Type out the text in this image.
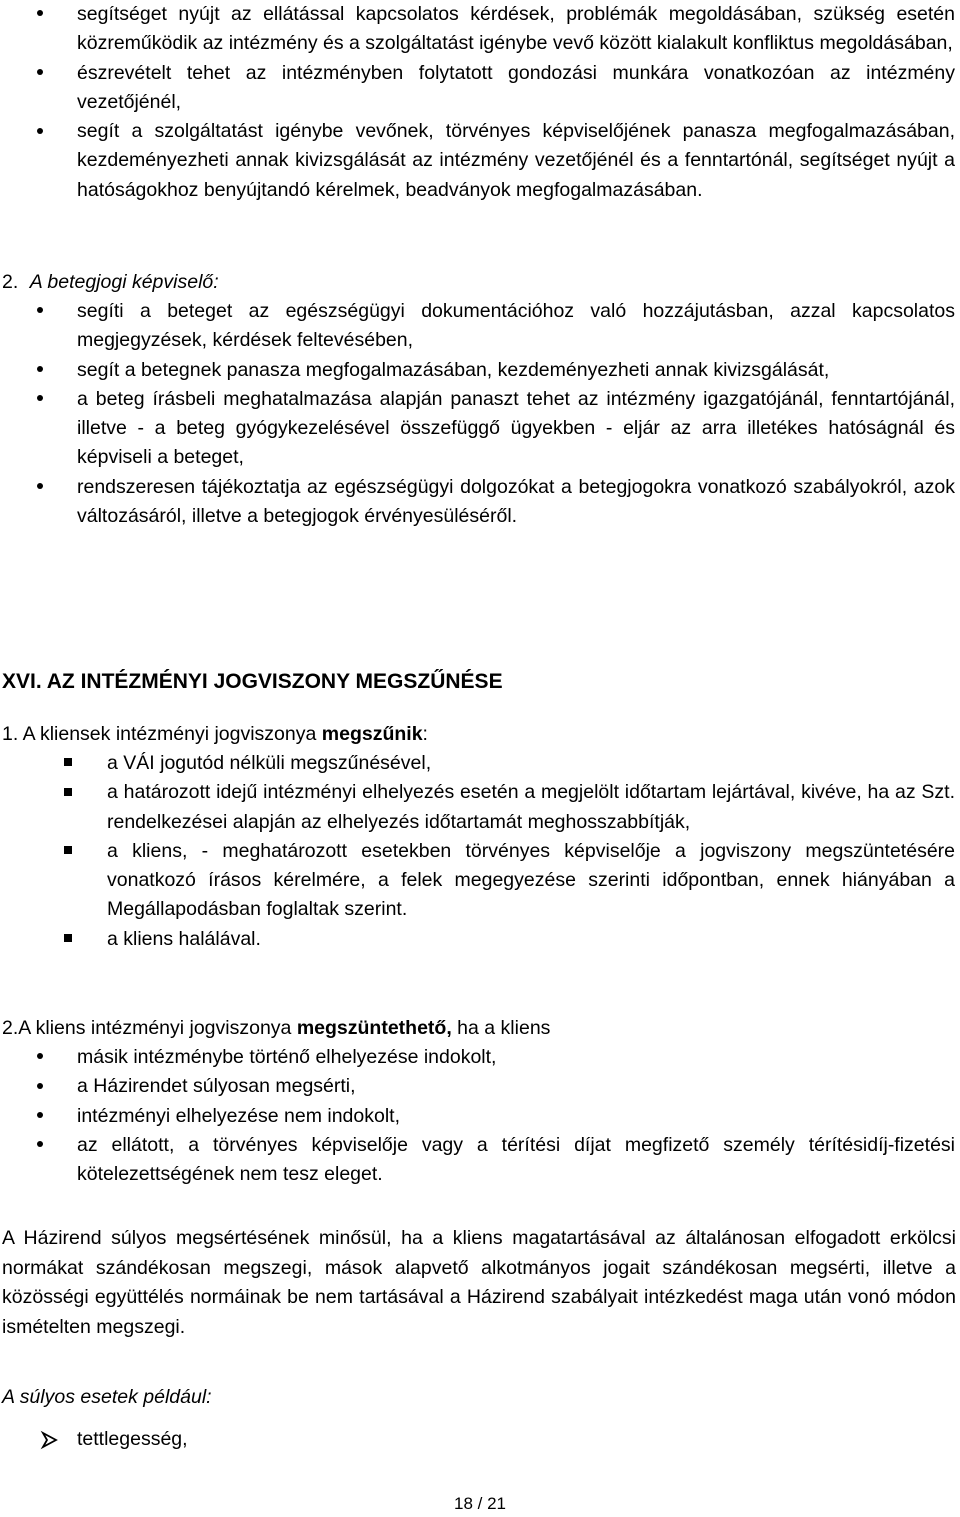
segítséget nyújt az ellátással kapcsolatos kérdések, problémák megoldásában, szükség esetén közreműködik az intézmény és a szolgáltatást igénybe vevő között kialakult konfliktus megoldásában,
észrevételt tehet az intézményben folytatott gondozási munkára vonatkozóan az intézmény vezetőjénél,
segít a szolgáltatást igénybe vevőnek, törvényes képviselőjének panasza megfogalmazásában, kezdeményezheti annak kivizsgálását az intézmény vezetőjénél és a fenntartónál, segítséget nyújt a hatóságokhoz benyújtandó kérelmek, beadványok megfogalmazásában.

2. A betegjogi képviselő:

segíti a beteget az egészségügyi dokumentációhoz való hozzájutásban, azzal kapcsolatos megjegyzések, kérdések feltevésében,
segít a betegnek panasza megfogalmazásában, kezdeményezheti annak kivizsgálását,
a beteg írásbeli meghatalmazása alapján panaszt tehet az intézmény igazgatójánál, fenntartójánál, illetve - a beteg gyógykezelésével összefüggő ügyekben - eljár az arra illetékes hatóságnál és képviseli a beteget,
rendszeresen tájékoztatja az egészségügyi dolgozókat a betegjogokra vonatkozó szabályokról, azok változásáról, illetve a betegjogok érvényesüléséről.
XVI. AZ INTÉZMÉNYI JOGVISZONY MEGSZŰNÉSE

1. A kliensek intézményi jogviszonya megszűnik:

a VÁI jogutód nélküli megszűnésével,
a határozott idejű intézményi elhelyezés esetén a megjelölt időtartam lejártával, kivéve, ha az Szt. rendelkezései alapján az elhelyezés időtartamát meghosszabbítják,
a kliens, - meghatározott esetekben törvényes képviselője a jogviszony megszüntetésére vonatkozó írásos kérelmére, a felek megegyezése szerinti időpontban, ennek hiányában a Megállapodásban foglaltak szerint.
a kliens halálával.

2.A kliens intézményi jogviszonya megszüntethető, ha a kliens

másik intézménybe történő elhelyezése indokolt,
a Házirendet súlyosan megsérti,
intézményi elhelyezése nem indokolt,
az ellátott, a törvényes képviselője vagy a térítési díjat megfizető személy térítésidíj-fizetési kötelezettségének nem tesz eleget.

A Házirend súlyos megsértésének minősül, ha a kliens magatartásával az általánosan elfogadott erkölcsi normákat szándékosan megszegi, mások alapvető alkotmányos jogait szándékosan megsérti, illetve a közösségi együttélés normáinak be nem tartásával a Házirend szabályait intézkedést maga után vonó módon ismételten megszegi.

A súlyos esetek például:

tettlegesség,
18 / 21
